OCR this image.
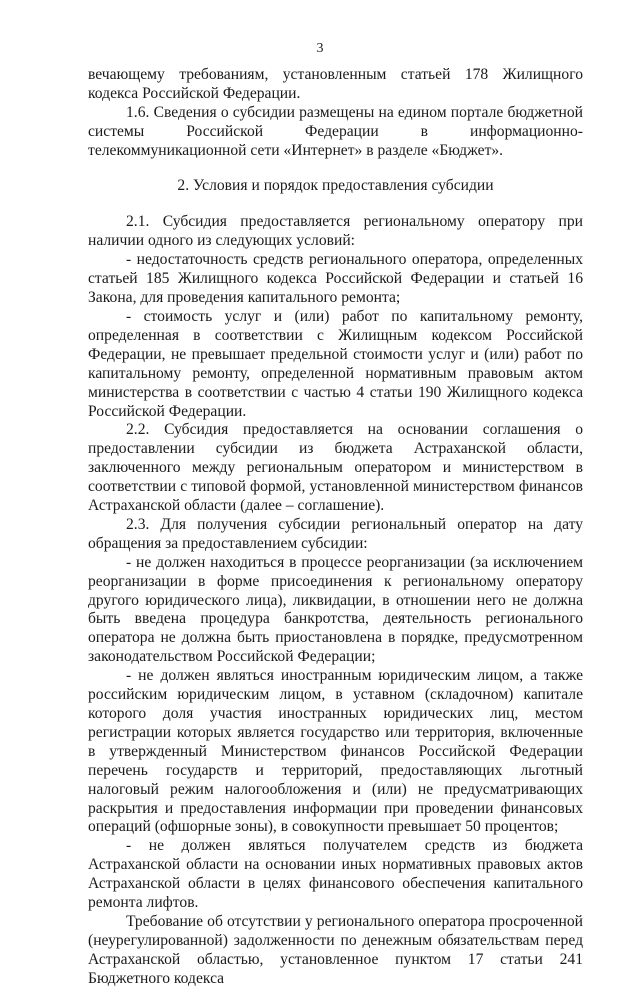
3

вечающему требованиям, установленным статьей 178 Жилищного кодекса Российской Федерации.

1.6. Сведения о субсидии размещены на едином портале бюджетной системы Российской Федерации в информационно-телекоммуникационной сети «Интернет» в разделе «Бюджет».

2. Условия и порядок предоставления субсидии

2.1. Субсидия предоставляется региональному оператору при наличии одного из следующих условий:

- недостаточность средств регионального оператора, определенных статьей 185 Жилищного кодекса Российской Федерации и статьей 16 Закона, для проведения капитального ремонта;

- стоимость услуг и (или) работ по капитальному ремонту, определенная в соответствии с Жилищным кодексом Российской Федерации, не превышает предельной стоимости услуг и (или) работ по капитальному ремонту, определенной нормативным правовым актом министерства в соответствии с частью 4 статьи 190 Жилищного кодекса Российской Федерации.

2.2. Субсидия предоставляется на основании соглашения о предоставлении субсидии из бюджета Астраханской области, заключенного между региональным оператором и министерством в соответствии с типовой формой, установленной министерством финансов Астраханской области (далее – соглашение).

2.3. Для получения субсидии региональный оператор на дату обращения за предоставлением субсидии:

- не должен находиться в процессе реорганизации (за исключением реорганизации в форме присоединения к региональному оператору другого юридического лица), ликвидации, в отношении него не должна быть введена процедура банкротства, деятельность регионального оператора не должна быть приостановлена в порядке, предусмотренном законодательством Российской Федерации;

- не должен являться иностранным юридическим лицом, а также российским юридическим лицом, в уставном (складочном) капитале которого доля участия иностранных юридических лиц, местом регистрации которых является государство или территория, включенные в утвержденный Министерством финансов Российской Федерации перечень государств и территорий, предоставляющих льготный налоговый режим налогообложения и (или) не предусматривающих раскрытия и предоставления информации при проведении финансовых операций (офшорные зоны), в совокупности превышает 50 процентов;

- не должен являться получателем средств из бюджета Астраханской области на основании иных нормативных правовых актов Астраханской области в целях финансового обеспечения капитального ремонта лифтов.

Требование об отсутствии у регионального оператора просроченной (неурегулированной) задолженности по денежным обязательствам перед Астраханской областью, установленное пунктом 17 статьи 241 Бюджетного кодекса
